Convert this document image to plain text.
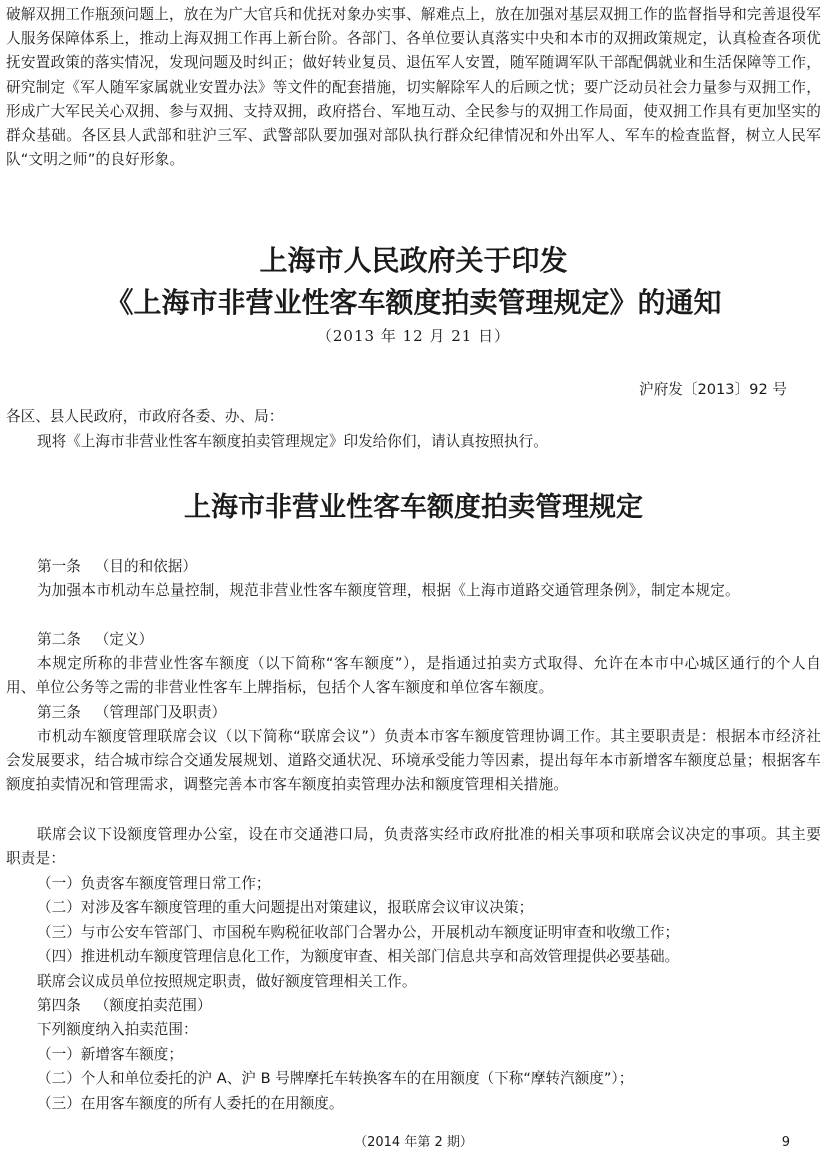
破解双拥工作瓶颈问题上，放在为广大官兵和优抚对象办实事、解难点上，放在加强对基层双拥工作的监督指导和完善退役军人服务保障体系上，推动上海双拥工作再上新台阶。各部门、各单位要认真落实中央和本市的双拥政策规定，认真检查各项优抚安置政策的落实情况，发现问题及时纠正；做好转业复员、退伍军人安置，随军随调军队干部配偶就业和生活保障等工作，研究制定《军人随军家属就业安置办法》等文件的配套措施，切实解除军人的后顾之忧；要广泛动员社会力量参与双拥工作，形成广大军民关心双拥、参与双拥、支持双拥，政府搭台、军地互动、全民参与的双拥工作局面，使双拥工作具有更加坚实的群众基础。各区县人武部和驻沪三军、武警部队要加强对部队执行群众纪律情况和外出军人、军车的检查监督，树立人民军队“文明之师”的良好形象。

上海市人民政府关于印发
《上海市非营业性客车额度拍卖管理规定》的通知
（2013 年 12 月 21 日）
沪府发〔2013〕92 号

各区、县人民政府，市政府各委、办、局：

现将《上海市非营业性客车额度拍卖管理规定》印发给你们，请认真按照执行。

上海市非营业性客车额度拍卖管理规定

第一条 （目的和依据）

为加强本市机动车总量控制，规范非营业性客车额度管理，根据《上海市道路交通管理条例》，制定本规定。

第二条 （定义）

本规定所称的非营业性客车额度（以下简称“客车额度”），是指通过拍卖方式取得、允许在本市中心城区通行的个人自用、单位公务等之需的非营业性客车上牌指标，包括个人客车额度和单位客车额度。

第三条 （管理部门及职责）

市机动车额度管理联席会议（以下简称“联席会议”）负责本市客车额度管理协调工作。其主要职责是：根据本市经济社会发展要求，结合城市综合交通发展规划、道路交通状况、环境承受能力等因素，提出每年本市新增客车额度总量；根据客车额度拍卖情况和管理需求，调整完善本市客车额度拍卖管理办法和额度管理相关措施。

联席会议下设额度管理办公室，设在市交通港口局，负责落实经市政府批准的相关事项和联席会议决定的事项。其主要职责是：

（一）负责客车额度管理日常工作；

（二）对涉及客车额度管理的重大问题提出对策建议，报联席会议审议决策；

（三）与市公安车管部门、市国税车购税征收部门合署办公，开展机动车额度证明审查和收缴工作；

（四）推进机动车额度管理信息化工作，为额度审查、相关部门信息共享和高效管理提供必要基础。

联席会议成员单位按照规定职责，做好额度管理相关工作。

第四条 （额度拍卖范围）

下列额度纳入拍卖范围：

（一）新增客车额度；

（二）个人和单位委托的沪 A、沪 B 号牌摩托车转换客车的在用额度（下称“摩转汽额度”）；

（三）在用客车额度的所有人委托的在用额度。

（2014 年第 2 期）	9
